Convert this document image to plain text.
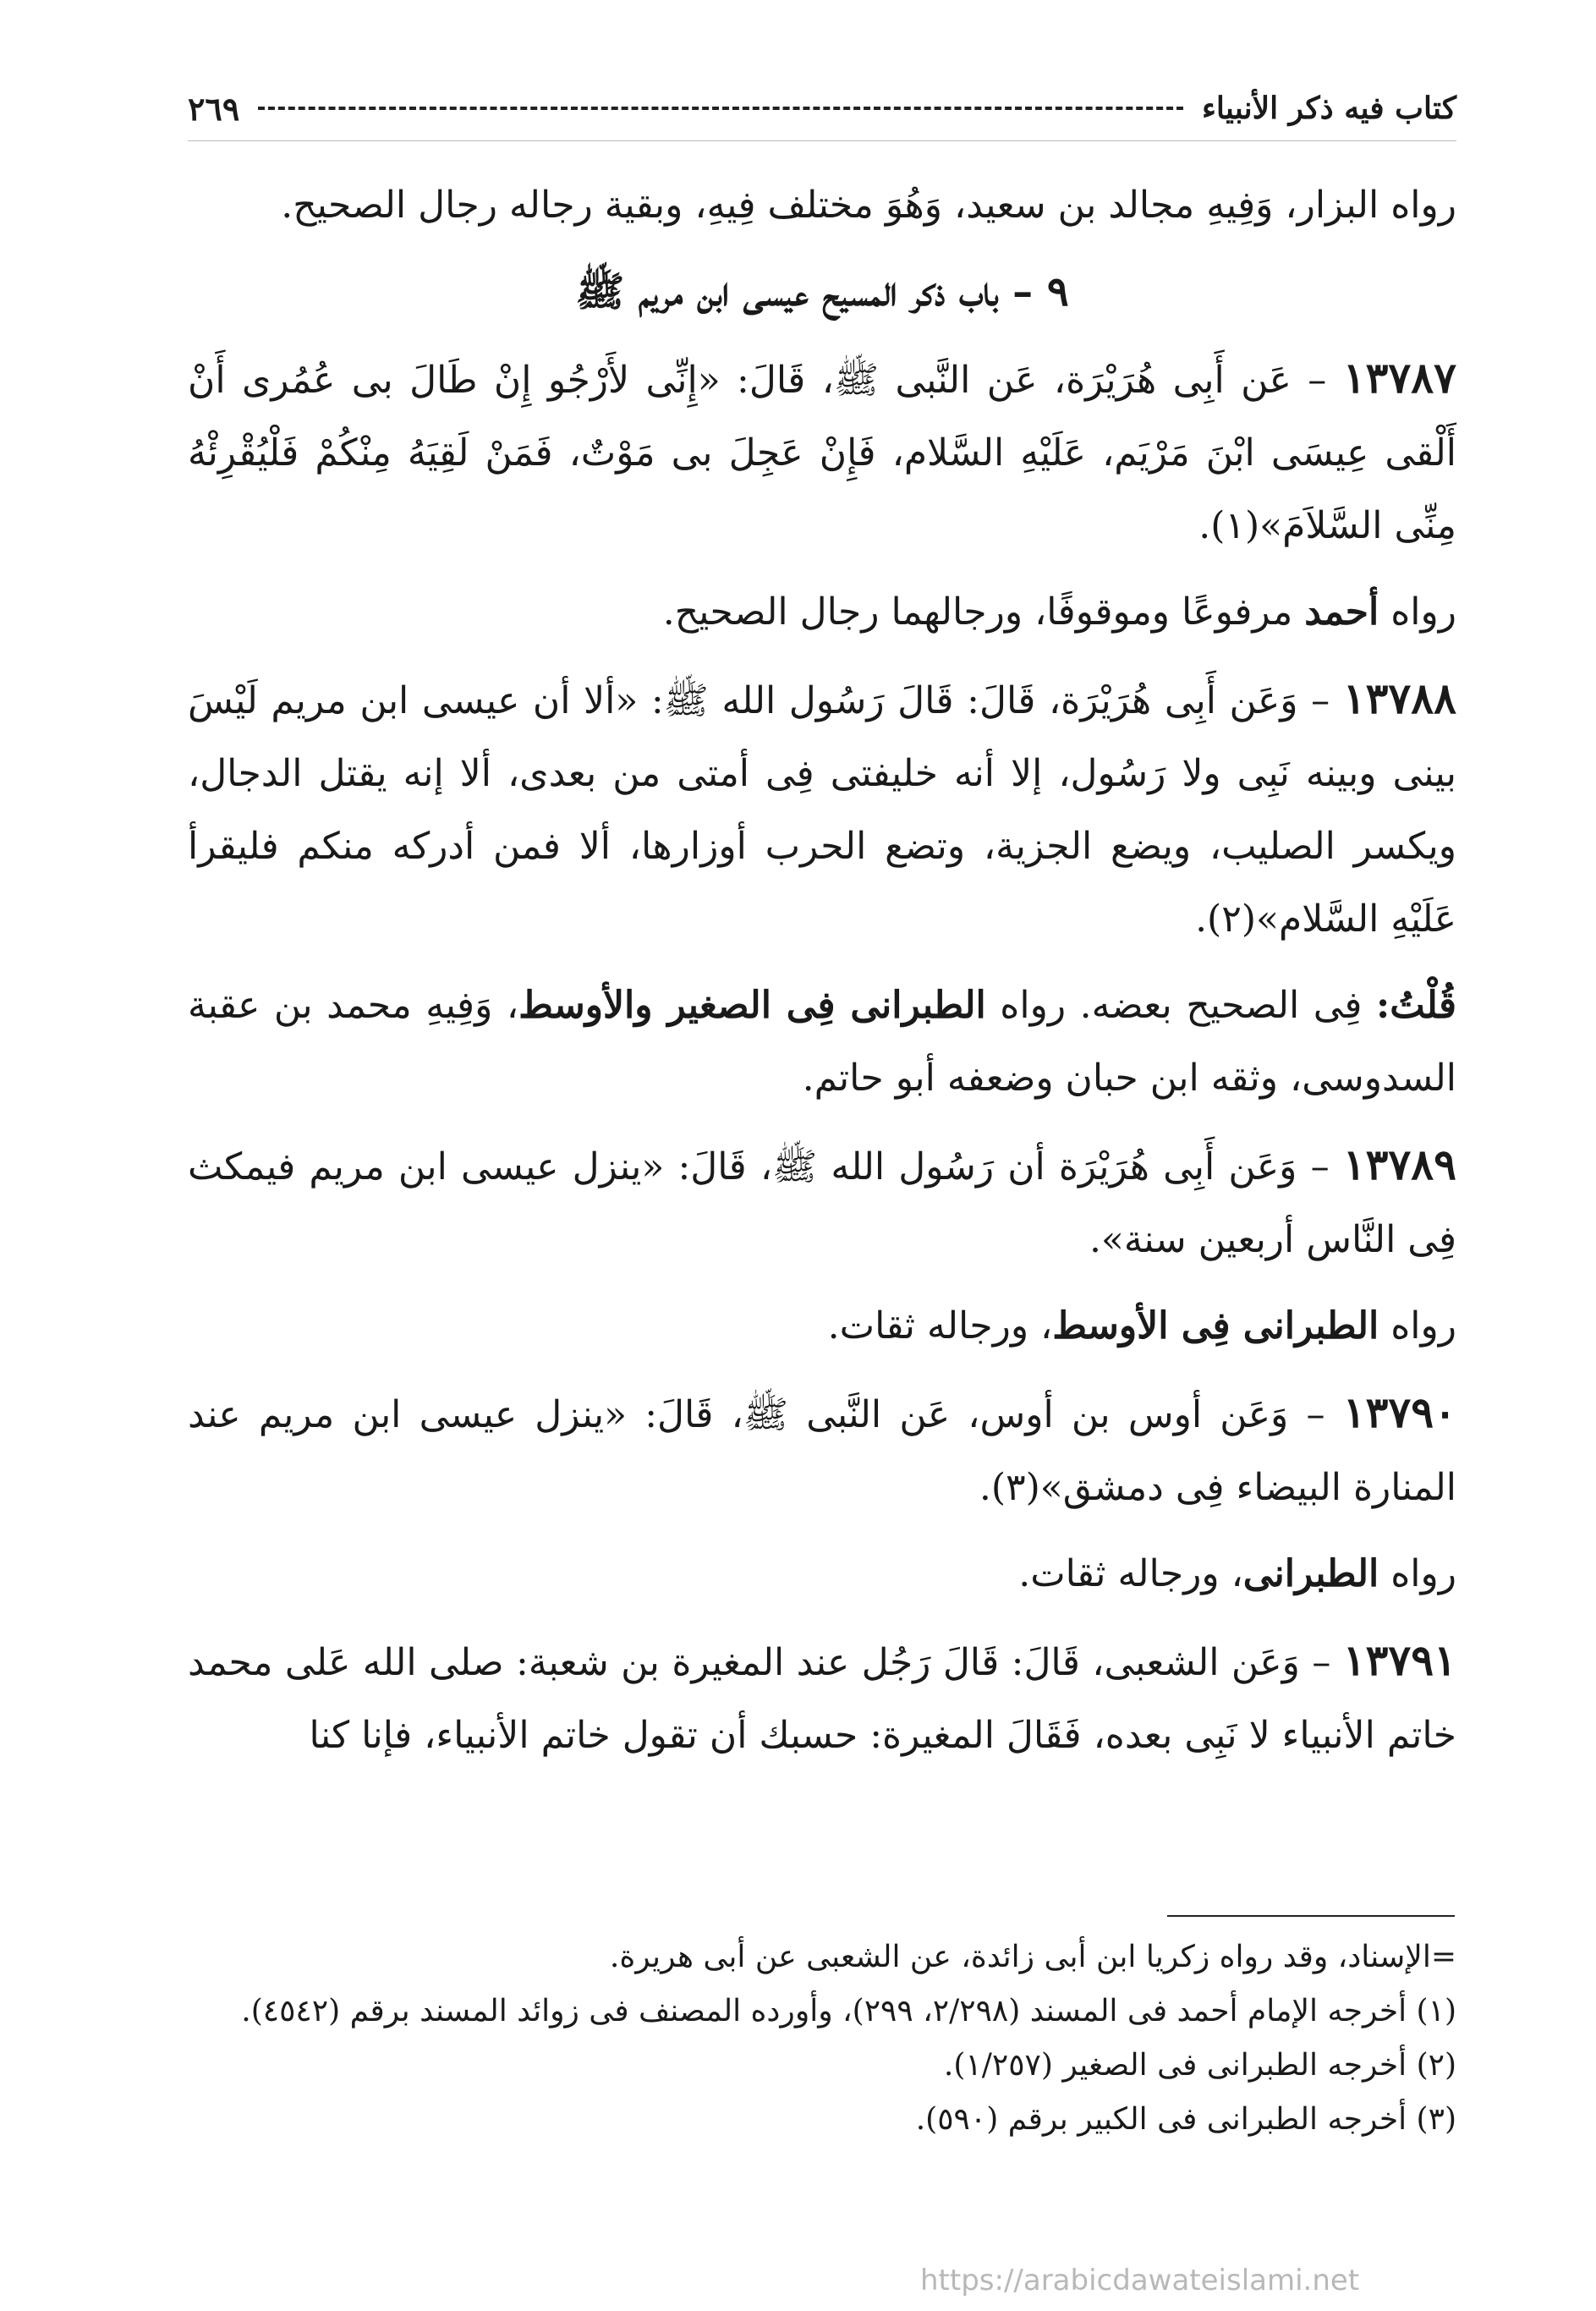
كتاب فيه ذكر الأنبياء
٢٦٩

رواه البزار، وَفِيهِ مجالد بن سعيد، وَهُوَ مختلف فِيهِ، وبقية رجاله رجال الصحيح.

٩ – باب ذكر المسيح عيسى ابن مريم ﷺ

١٣٧٨٧ – عَن أَبِى هُرَيْرَة، عَن النَّبى ﷺ، قَالَ: «إِنِّى لأَرْجُو إِنْ طَالَ بى عُمُرى أَنْ أَلْقى عِيسَى ابْنَ مَرْيَم، عَلَيْهِ السَّلام، فَإِنْ عَجِلَ بى مَوْتٌ، فَمَنْ لَقِيَهُ مِنْكُمْ فَلْيُقْرِئْهُ مِنِّى السَّلاَمَ»(١).

رواه أحمد مرفوعًا وموقوفًا، ورجالهما رجال الصحيح.

١٣٧٨٨ – وَعَن أَبِى هُرَيْرَة، قَالَ: قَالَ رَسُول الله ﷺ: «ألا أن عيسى ابن مريم لَيْسَ بينى وبينه نَبِى ولا رَسُول، إلا أنه خليفتى فِى أمتى من بعدى، ألا إنه يقتل الدجال، ويكسر الصليب، ويضع الجزية، وتضع الحرب أوزارها، ألا فمن أدركه منكم فليقرأ عَلَيْهِ السَّلام»(٢).

قُلْتُ: فِى الصحيح بعضه. رواه الطبرانى فِى الصغير والأوسط، وَفِيهِ محمد بن عقبة السدوسى، وثقه ابن حبان وضعفه أبو حاتم.

١٣٧٨٩ – وَعَن أَبِى هُرَيْرَة أن رَسُول الله ﷺ، قَالَ: «ينزل عيسى ابن مريم فيمكث فِى النَّاس أربعين سنة».

رواه الطبرانى فِى الأوسط، ورجاله ثقات.

١٣٧٩٠ – وَعَن أوس بن أوس، عَن النَّبى ﷺ، قَالَ: «ينزل عيسى ابن مريم عند المنارة البيضاء فِى دمشق»(٣).

رواه الطبرانى، ورجاله ثقات.

١٣٧٩١ – وَعَن الشعبى، قَالَ: قَالَ رَجُل عند المغيرة بن شعبة: صلى الله عَلى محمد خاتم الأنبياء لا نَبِى بعده، فَقَالَ المغيرة: حسبك أن تقول خاتم الأنبياء، فإنا كنا

=الإسناد، وقد رواه زكريا ابن أبى زائدة، عن الشعبى عن أبى هريرة.

(١) أخرجه الإمام أحمد فى المسند (٢/٢٩٨، ٢٩٩)، وأورده المصنف فى زوائد المسند برقم (٤٥٤٢).

(٢) أخرجه الطبرانى فى الصغير (١/٢٥٧).

(٣) أخرجه الطبرانى فى الكبير برقم (٥٩٠).

https://arabicdawateislami.net
